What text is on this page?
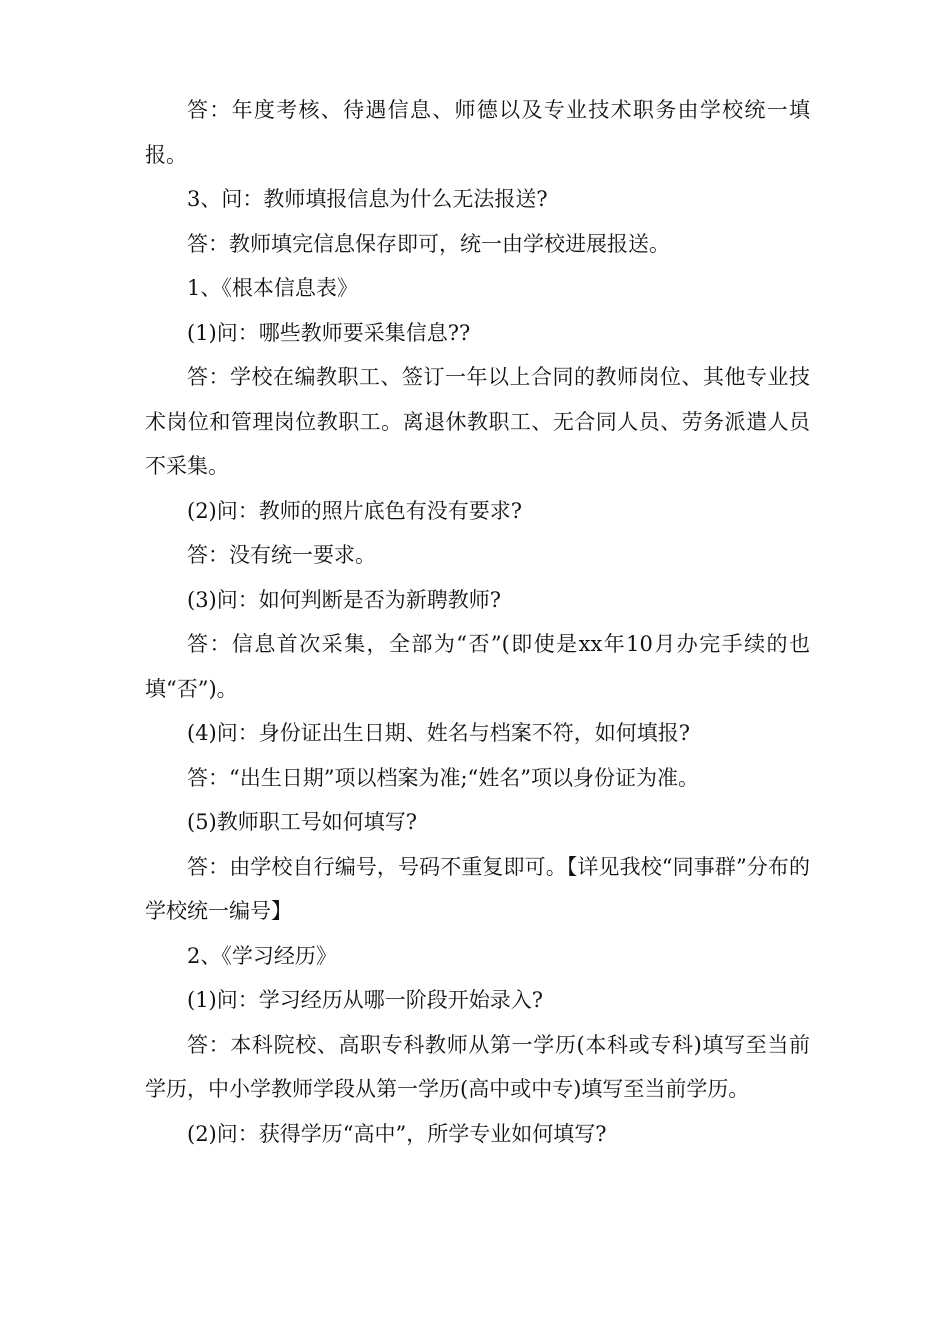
答：年度考核、待遇信息、师德以及专业技术职务由学校统一填报。

3、问：教师填报信息为什么无法报送?

答：教师填完信息保存即可，统一由学校进展报送。

1、《根本信息表》

(1)问：哪些教师要采集信息??

答：学校在编教职工、签订一年以上合同的教师岗位、其他专业技术岗位和管理岗位教职工。离退休教职工、无合同人员、劳务派遣人员不采集。

(2)问：教师的照片底色有没有要求?

答：没有统一要求。

(3)问：如何判断是否为新聘教师?

答：信息首次采集，全部为“否”(即使是xx年10月办完手续的也填“否”)。

(4)问：身份证出生日期、姓名与档案不符，如何填报?

答：“出生日期”项以档案为准;“姓名”项以身份证为准。

(5)教师职工号如何填写?

答：由学校自行编号，号码不重复即可。【详见我校“同事群”分布的学校统一编号】

2、《学习经历》

(1)问：学习经历从哪一阶段开始录入?

答：本科院校、高职专科教师从第一学历(本科或专科)填写至当前学历，中小学教师学段从第一学历(高中或中专)填写至当前学历。

(2)问：获得学历“高中”，所学专业如何填写?
